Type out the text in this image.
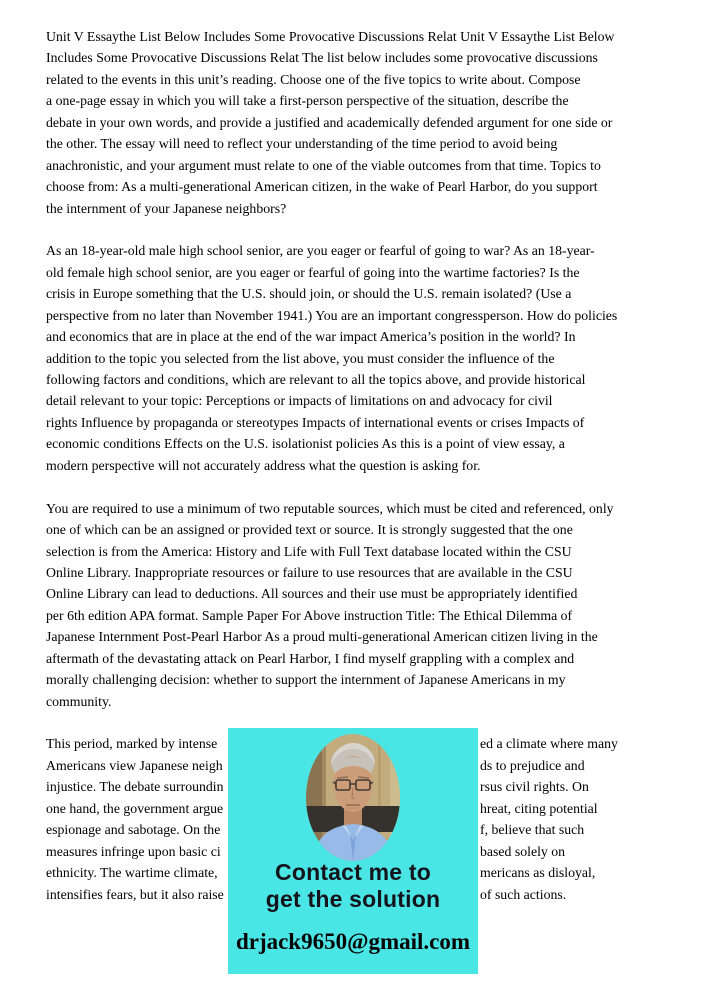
Unit V Essaythe List Below Includes Some Provocative Discussions Relat Unit V Essaythe List Below
Includes Some Provocative Discussions Relat The list below includes some provocative discussions
related to the events in this unit’s reading. Choose one of the five topics to write about. Compose
a one-page essay in which you will take a first-person perspective of the situation, describe the
debate in your own words, and provide a justified and academically defended argument for one side or
the other. The essay will need to reflect your understanding of the time period to avoid being
anachronistic, and your argument must relate to one of the viable outcomes from that time. Topics to
choose from: As a multi-generational American citizen, in the wake of Pearl Harbor, do you support
the internment of your Japanese neighbors?
As an 18-year-old male high school senior, are you eager or fearful of going to war? As an 18-year-
old female high school senior, are you eager or fearful of going into the wartime factories? Is the
crisis in Europe something that the U.S. should join, or should the U.S. remain isolated? (Use a
perspective from no later than November 1941.) You are an important congressperson. How do policies
and economics that are in place at the end of the war impact America’s position in the world? In
addition to the topic you selected from the list above, you must consider the influence of the
following factors and conditions, which are relevant to all the topics above, and provide historical
detail relevant to your topic: Perceptions or impacts of limitations on and advocacy for civil
rights Influence by propaganda or stereotypes Impacts of international events or crises Impacts of
economic conditions Effects on the U.S. isolationist policies As this is a point of view essay, a
modern perspective will not accurately address what the question is asking for.
You are required to use a minimum of two reputable sources, which must be cited and referenced, only
one of which can be an assigned or provided text or source. It is strongly suggested that the one
selection is from the America: History and Life with Full Text database located within the CSU
Online Library. Inappropriate resources or failure to use resources that are available in the CSU
Online Library can lead to deductions. All sources and their use must be appropriately identified
per 6th edition APA format. Sample Paper For Above instruction Title: The Ethical Dilemma of
Japanese Internment Post-Pearl Harbor As a proud multi-generational American citizen living in the
aftermath of the devastating attack on Pearl Harbor, I find myself grappling with a complex and
morally challenging decision: whether to support the internment of Japanese Americans in my
community.
This period, marked by intense	ed a climate where many
Americans view Japanese neigh	ds to prejudice and
injustice. The debate surroundin	rsus civil rights. On
one hand, the government argue	hreat, citing potential
espionage and sabotage. On the	f, believe that such
measures infringe upon basic ci	based solely on
ethnicity. The wartime climate,	mericans as disloyal,
intensifies fears, but it also raise	of such actions.
Contact me to
get the solution
drjack9650@gmail.com
